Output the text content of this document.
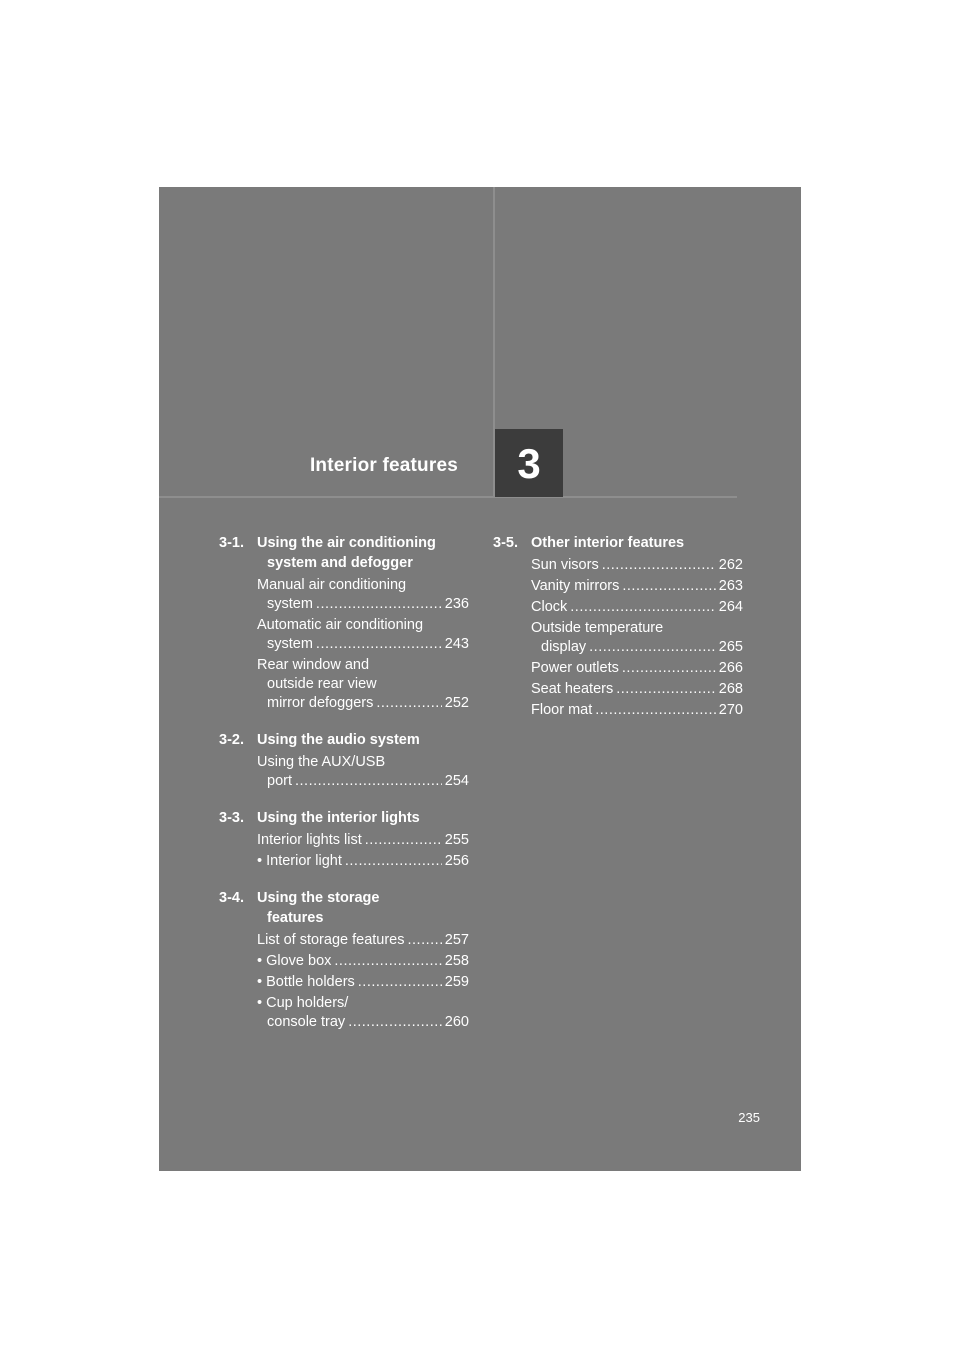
Interior features	3
3-1. Using the air conditioning
system and defogger
Manual air conditioning
system .....	236
Automatic air conditioning
system .....	243
Rear window and
outside rear view
mirror defoggers .....	252
3-2. Using the audio system
Using the AUX/USB
port .....	254
3-3. Using the interior lights
Interior lights list .....	255
• Interior light .....	256
3-4. Using the storage
features
List of storage features .....	257
• Glove box .....	258
• Bottle holders .....	259
• Cup holders/
console tray .....	260
3-5. Other interior features
Sun visors .....	262
Vanity mirrors .....	263
Clock .....	264
Outside temperature
display .....	265
Power outlets .....	266
Seat heaters .....	268
Floor mat .....	270
235
